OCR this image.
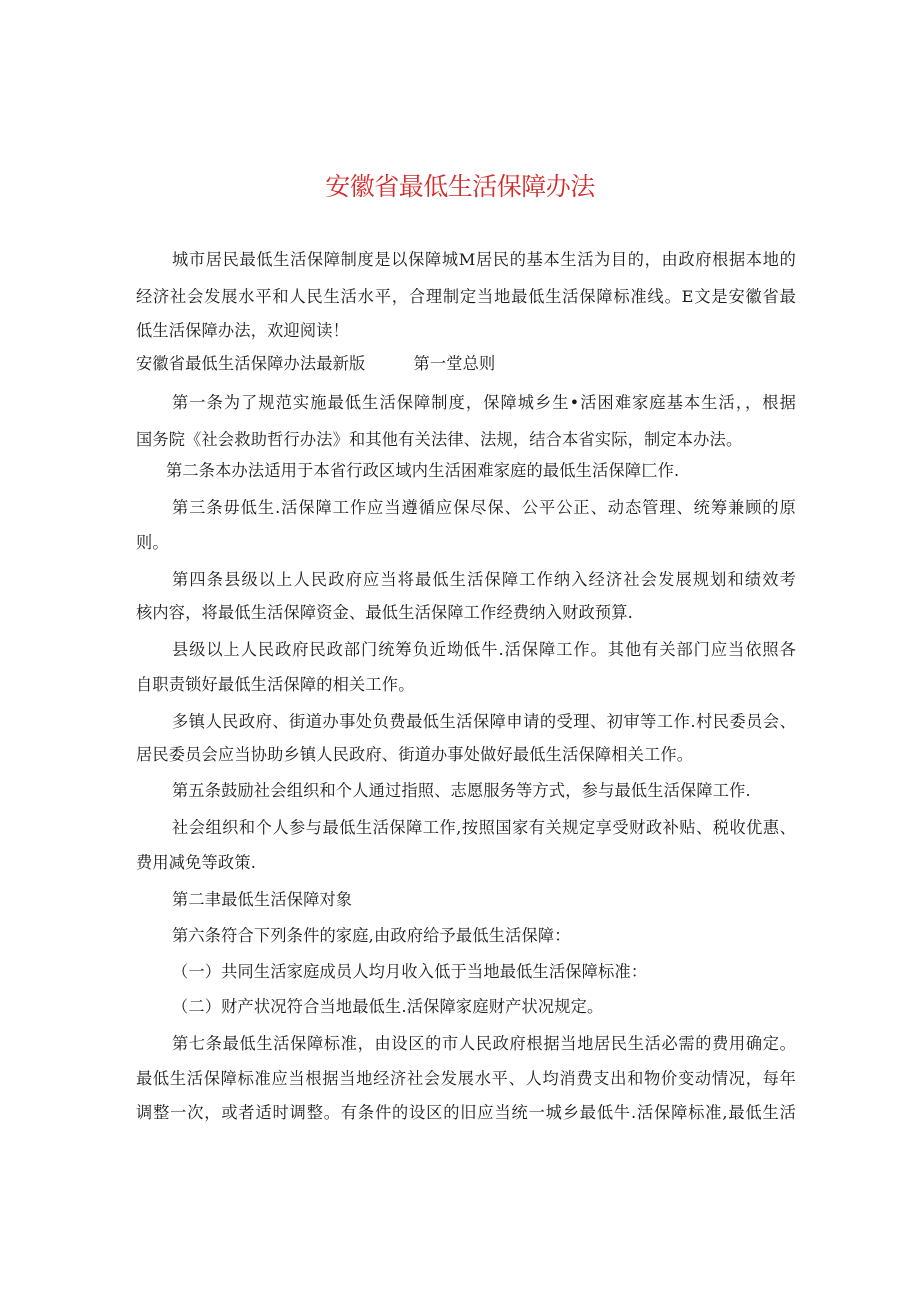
安徽省最低生活保障办法

城市居民最低生活保障制度是以保障城M居民的基本生活为目的，由政府根据本地的

经济社会发展水平和人民生活水平，合理制定当地最低生活保障标准线。E文是安徽省最

低生活保障办法，欢迎阅读！

安徽省最低生活保障办法最新版	第一堂总则

第一条为了规范实施最低生活保障制度，保障城乡生•活困难家庭基本生活，，根据

国务院《社会救助哲行办法》和其他有关法律、法规，结合本省实际，制定本办法。

第二条本办法适用于本省行政区域内生活困难家庭的最低生活保障匚作.

第三条毋低生.活保障工作应当遵循应保尽保、公平公正、动态管理、统筹兼顾的原

则。

第四条县级以上人民政府应当将最低生活保障工作纳入经济社会发展规划和绩效考

核内容，将最低生活保障资金、最低生活保障工作经费纳入财政预算.

县级以上人民政府民政部门统筹负近坳低牛.活保障工作。其他有关部门应当依照各

自职责锁好最低生活保障的相关工作。

多镇人民政府、街道办事处负费最低生活保障申请的受理、初审等工作.村民委员会、

居民委员会应当协助乡镇人民政府、街道办事处做好最低生活保障相关工作。

第五条鼓励社会组织和个人通过指照、志愿服务等方式，参与最低生活保障工作.

社会组织和个人参与最低生活保障工作,按照国家有关规定享受财政补贴、税收优惠、

费用减免等政策.

第二聿最低生活保障对象

第六条符合下列条件的家庭,由政府给予最低生活保障：

（一）共同生活家庭成员人均月收入低于当地最低生活保障标准：

（二）财产状况符合当地最低生.活保障家庭财产状况规定。

第七条最低生活保障标准，由设区的市人民政府根据当地居民生活必需的费用确定。

最低生活保障标准应当根据当地经济社会发展水平、人均消费支出和物价变动情况，每年

调整一次，或者适时调整。有条件的设区的旧应当统一城乡最低牛.活保障标准,最低生活
